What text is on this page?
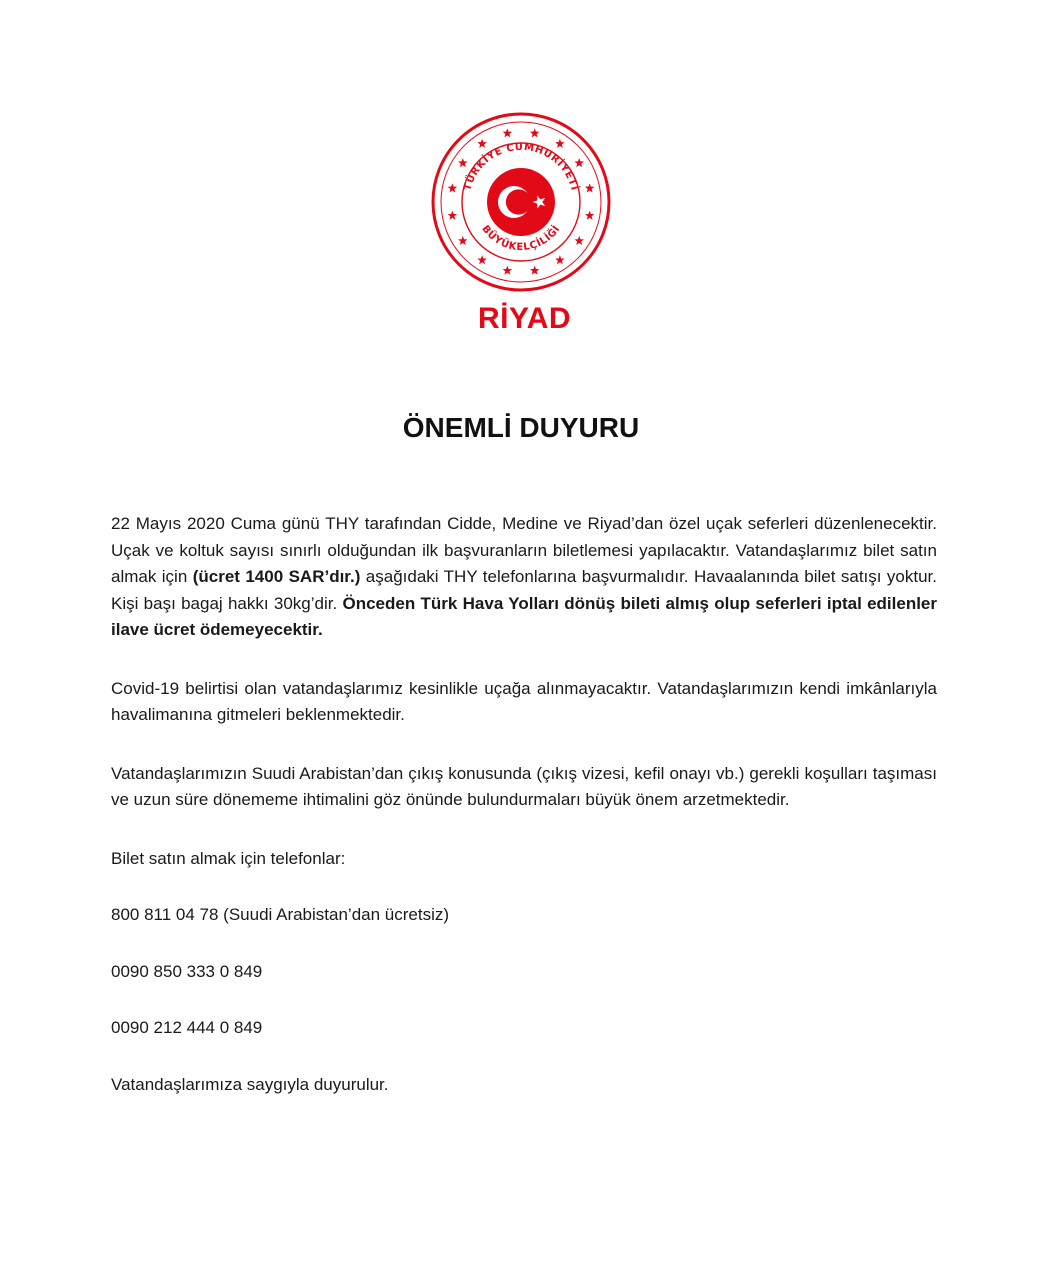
TÜRKİYE CUMHURİYETİ
BÜYÜKELÇİLİĞİ
RİYAD
ÖNEMLİ DUYURU

22 Mayıs 2020 Cuma günü THY tarafından Cidde, Medine ve Riyad’dan özel uçak seferleri düzenlenecektir. Uçak ve koltuk sayısı sınırlı olduğundan ilk başvuranların biletlemesi yapılacaktır. Vatandaşlarımız bilet satın almak için (ücret 1400 SAR’dır.) aşağıdaki THY telefonlarına başvurmalıdır. Havaalanında bilet satışı yoktur. Kişi başı bagaj hakkı 30kg’dir. Önceden Türk Hava Yolları dönüş bileti almış olup seferleri iptal edilenler ilave ücret ödemeyecektir.

Covid-19 belirtisi olan vatandaşlarımız kesinlikle uçağa alınmayacaktır. Vatandaşlarımızın kendi imkânlarıyla havalimanına gitmeleri beklenmektedir.

Vatandaşlarımızın Suudi Arabistan’dan çıkış konusunda (çıkış vizesi, kefil onayı vb.) gerekli koşulları taşıması ve uzun süre dönememe ihtimalini göz önünde bulundurmaları büyük önem arzetmektedir.

Bilet satın almak için telefonlar:

800 811 04 78 (Suudi Arabistan’dan ücretsiz)

0090 850 333 0 849

0090 212 444 0 849

Vatandaşlarımıza saygıyla duyurulur.
